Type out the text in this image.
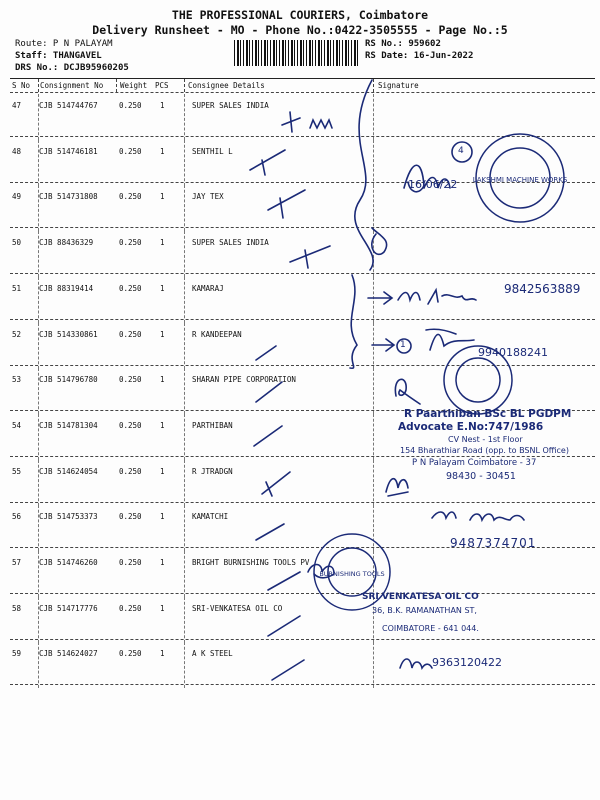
THE PROFESSIONAL COURIERS, Coimbatore
Delivery Runsheet - MO - Phone No.:0422-3505555 - Page No.:5
Route: P N PALAYAM
Staff: THANGAVEL
DRS No.: DCJB95960205
RS No.: 959602
RS Date: 16-Jun-2022
S No Consignment No Weight PCS	Consignee Details	Signature
47 CJB 514744767	0.250 1	SUPER SALES INDIA
48 CJB 514746181	0.250 1	SENTHIL L
49 CJB 514731808	0.250 1	JAY TEX
50 CJB 88436329	0.250 1	SUPER SALES INDIA
51 CJB 88319414	0.250 1	KAMARAJ
52 CJB 514330861	0.250 1	R KANDEEPAN
53 CJB 514796780	0.250 1	SHARAN PIPE CORPORATION
54 CJB 514781304	0.250 1	PARTHIBAN
55 CJB 514624054	0.250 1	R JTRADGN
56 CJB 514753373	0.250 1	KAMATCHI
57 CJB 514746260	0.250 1	BRIGHT BURNISHING TOOLS PV
58 CJB 514717776	0.250 1	SRI-VENKATESA OIL CO
59 CJB 514624027	0.250 1	A K STEEL
LAKSHMI MACHINE WORKS
BURNISHING TOOLS
16/06/22
4
9842563889
1
9940188241
9487374701
9363120422
R Paarthiban BSc BL PGDPM
Advocate E.No:747/1986
CV Nest - 1st Floor
154 Bharathiar Road (opp. to BSNL Office)
P N Palayam Coimbatore - 37
98430 - 30451
SRI VENKATESA OIL CO
36, B.K. RAMANATHAN ST,
COIMBATORE - 641 044.
